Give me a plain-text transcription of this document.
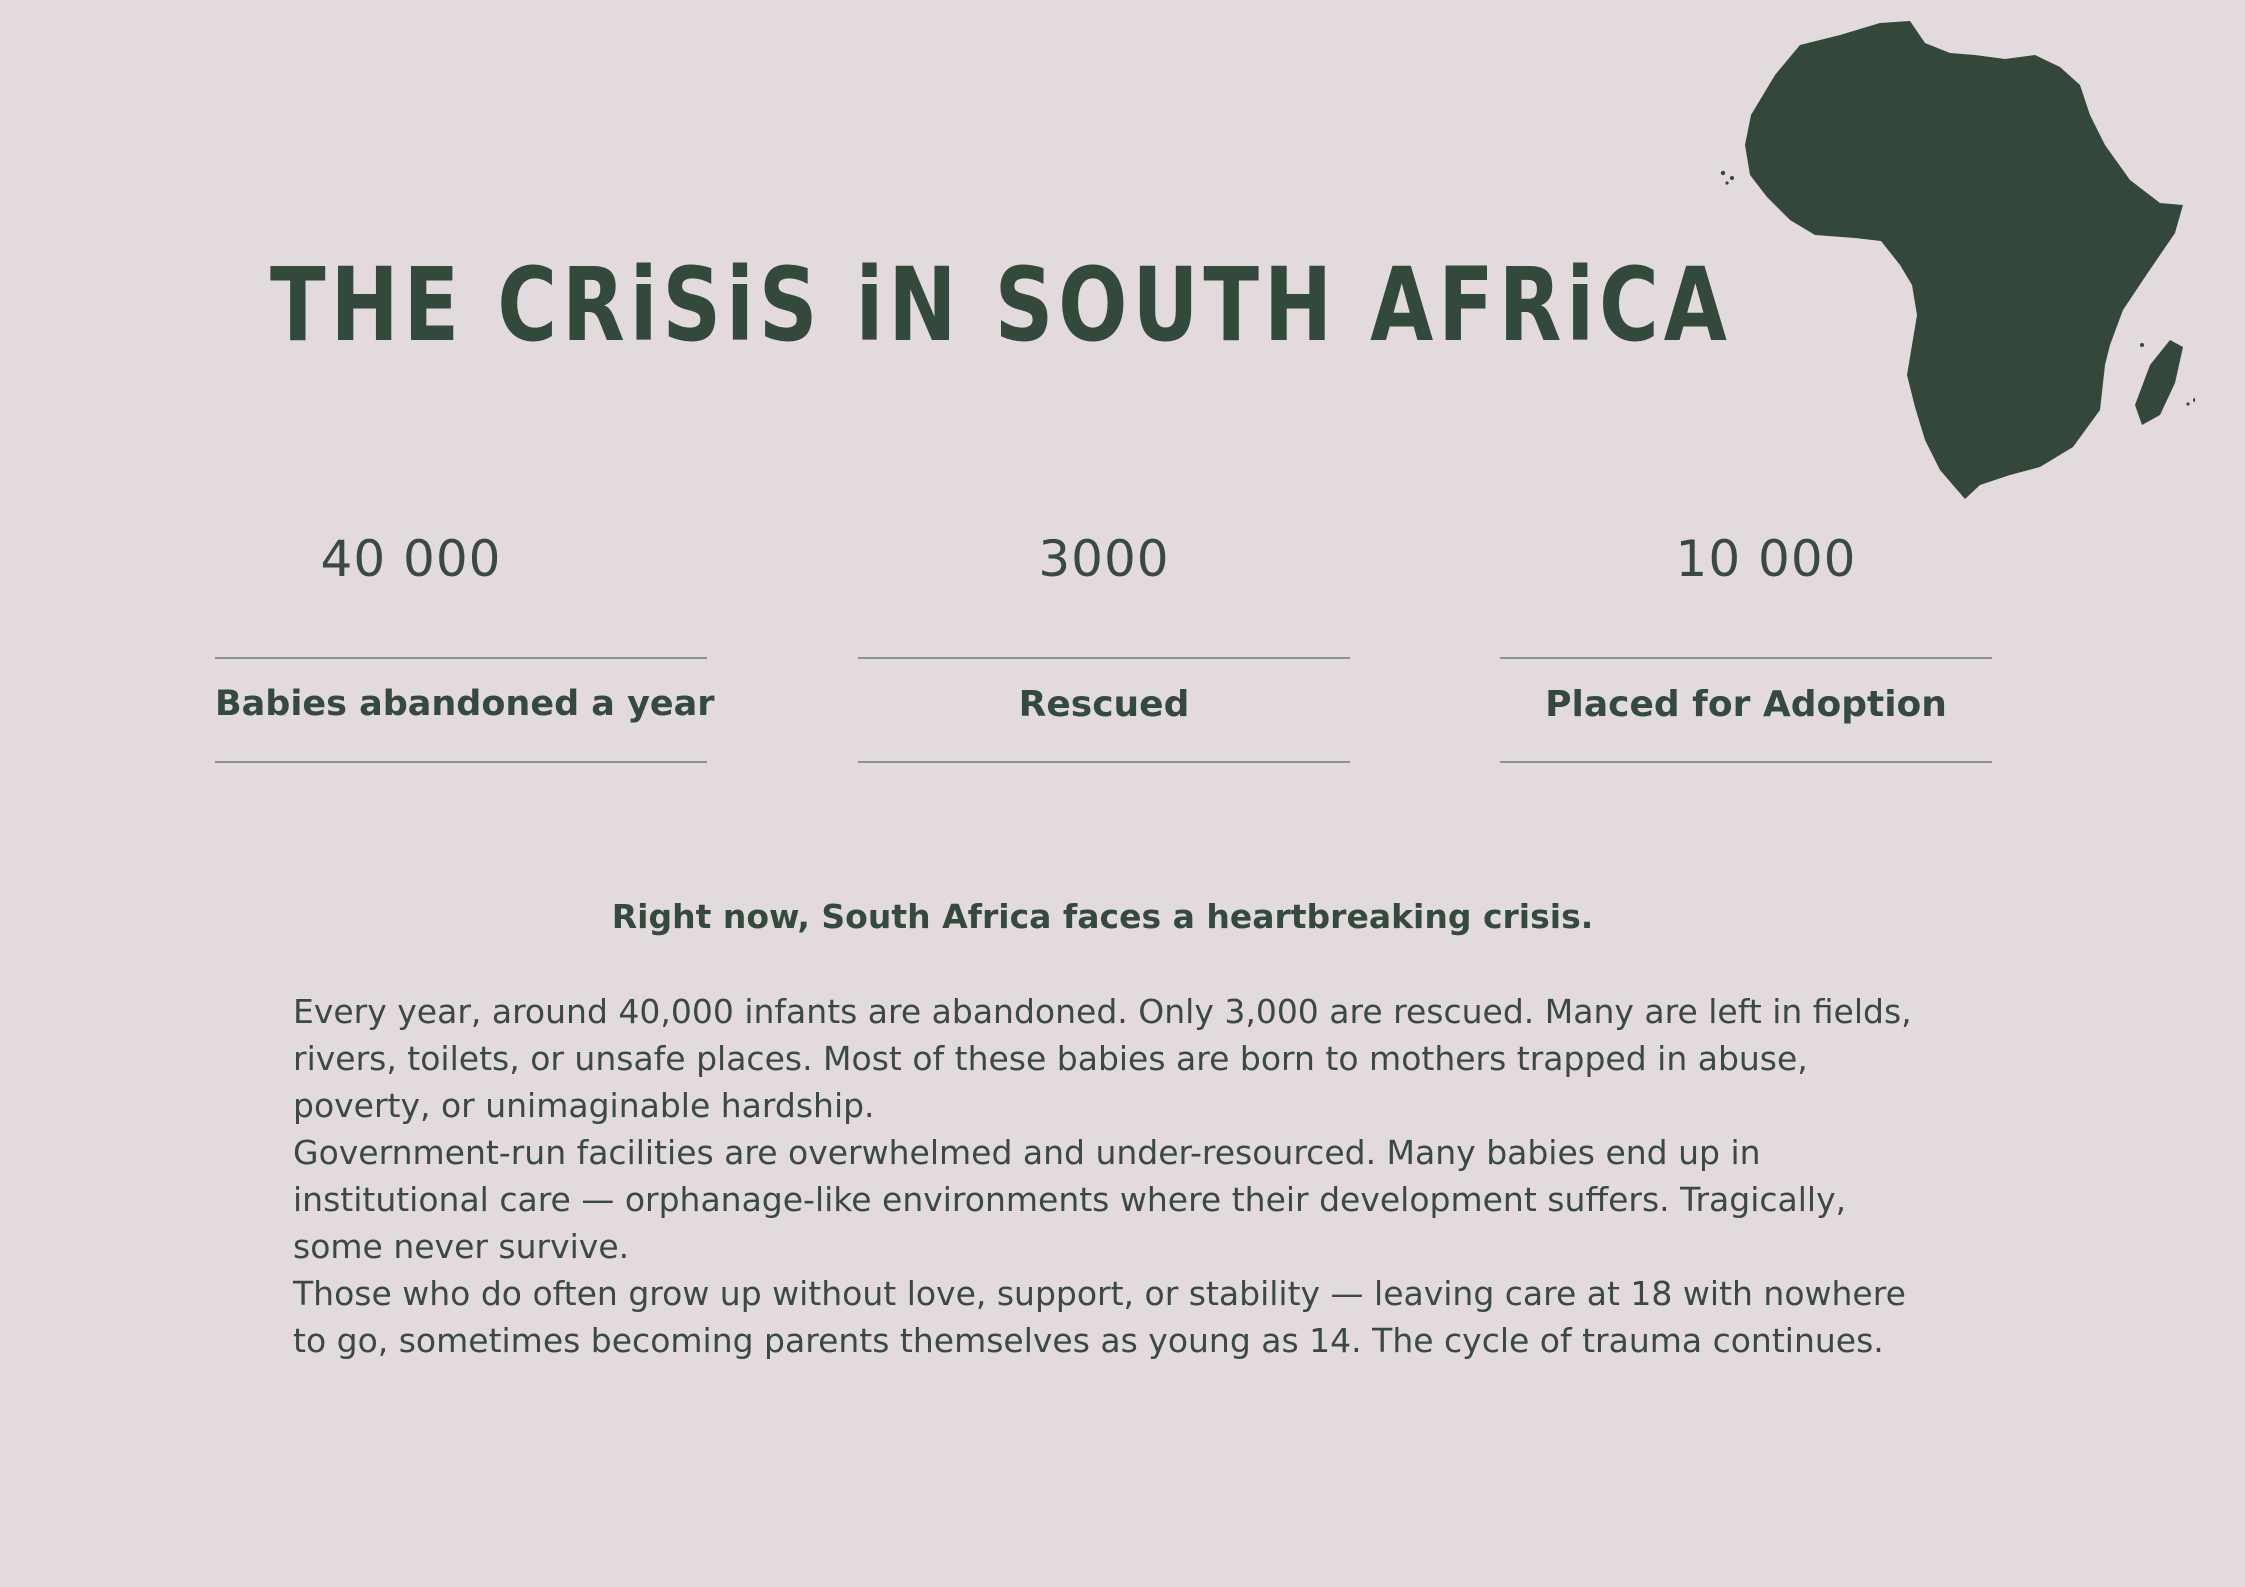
THE CRiSiS iN SOUTH AFRiCA
40 000
Babies abandoned a year
3000
Rescued
10 000
Placed for Adoption
Right now, South Africa faces a heartbreaking crisis.

Every year, around 40,000 infants are abandoned. Only 3,000 are rescued. Many are left in fields, rivers, toilets, or unsafe places. Most of these babies are born to mothers trapped in abuse, poverty, or unimaginable hardship.

Government-run facilities are overwhelmed and under-resourced. Many babies end up in institutional care — orphanage-like environments where their development suffers. Tragically, some never survive.

Those who do often grow up without love, support, or stability — leaving care at 18 with nowhere to go, sometimes becoming parents themselves as young as 14. The cycle of trauma continues.
